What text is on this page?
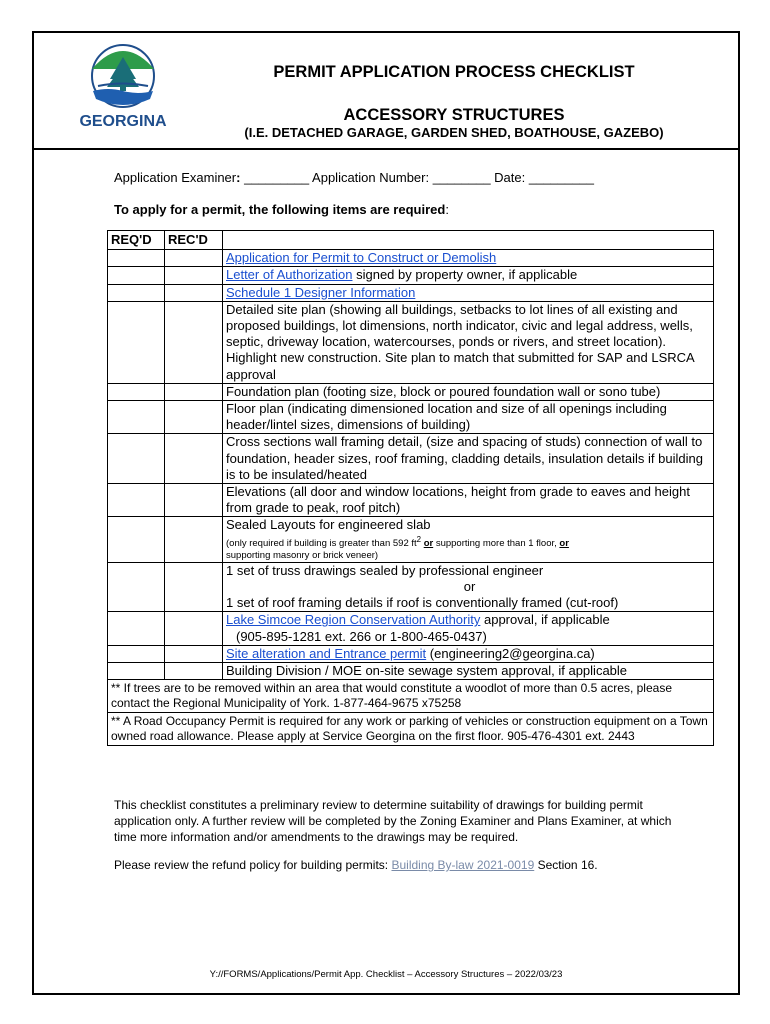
GEORGINA
PERMIT APPLICATION PROCESS CHECKLIST
ACCESSORY STRUCTURES
(I.E. DETACHED GARAGE, GARDEN SHED, BOATHOUSE, GAZEBO)
Application Examiner: _________ Application Number: ________ Date: _________
To apply for a permit, the following items are required:
REQ'D	REC'D	
		Application for Permit to Construct or Demolish
		Letter of Authorization signed by property owner, if applicable
		Schedule 1 Designer Information
		Detailed site plan (showing all buildings, setbacks to lot lines of all existing and proposed buildings, lot dimensions, north indicator, civic and legal address, wells, septic, driveway location, watercourses, ponds or rivers, and street location). Highlight new construction. Site plan to match that submitted for SAP and LSRCA approval
		Foundation plan (footing size, block or poured foundation wall or sono tube)
		Floor plan (indicating dimensioned location and size of all openings including header/lintel sizes, dimensions of building)
		Cross sections wall framing detail, (size and spacing of studs) connection of wall to foundation, header sizes, roof framing, cladding details, insulation details if building is to be insulated/heated
		Elevations (all door and window locations, height from grade to eaves and height from grade to peak, roof pitch)

		Sealed Layouts for engineered slab
(only required if building is greater than 592 $ft^2$ or supporting more than 1 floor, or
supporting masonry or brick veneer)

		1 set of truss drawings sealed by professional engineer
or
1 set of roof framing details if roof is conventionally framed (cut-roof)

		Lake Simcoe Region Conservation Authority approval, if applicable
(905-895-1281 ext. 266 or 1-800-465-0437)

		Site alteration and Entrance permit (engineering2@georgina.ca)
		Building Division / MOE on-site sewage system approval, if applicable
** If trees are to be removed within an area that would constitute a woodlot of more than 0.5 acres, please contact the Regional Municipality of York. 1-877-464-9675 x75258		
** A Road Occupancy Permit is required for any work or parking of vehicles or construction equipment on a Town owned road allowance. Please apply at Service Georgina on the first floor. 905-476-4301 ext. 2443		
This checklist constitutes a preliminary review to determine suitability of drawings for building permit application only. A further review will be completed by the Zoning Examiner and Plans Examiner, at which time more information and/or amendments to the drawings may be required.
Please review the refund policy for building permits: Building By-law 2021-0019 Section 16.
Y://FORMS/Applications/Permit App. Checklist – Accessory Structures – 2022/03/23
